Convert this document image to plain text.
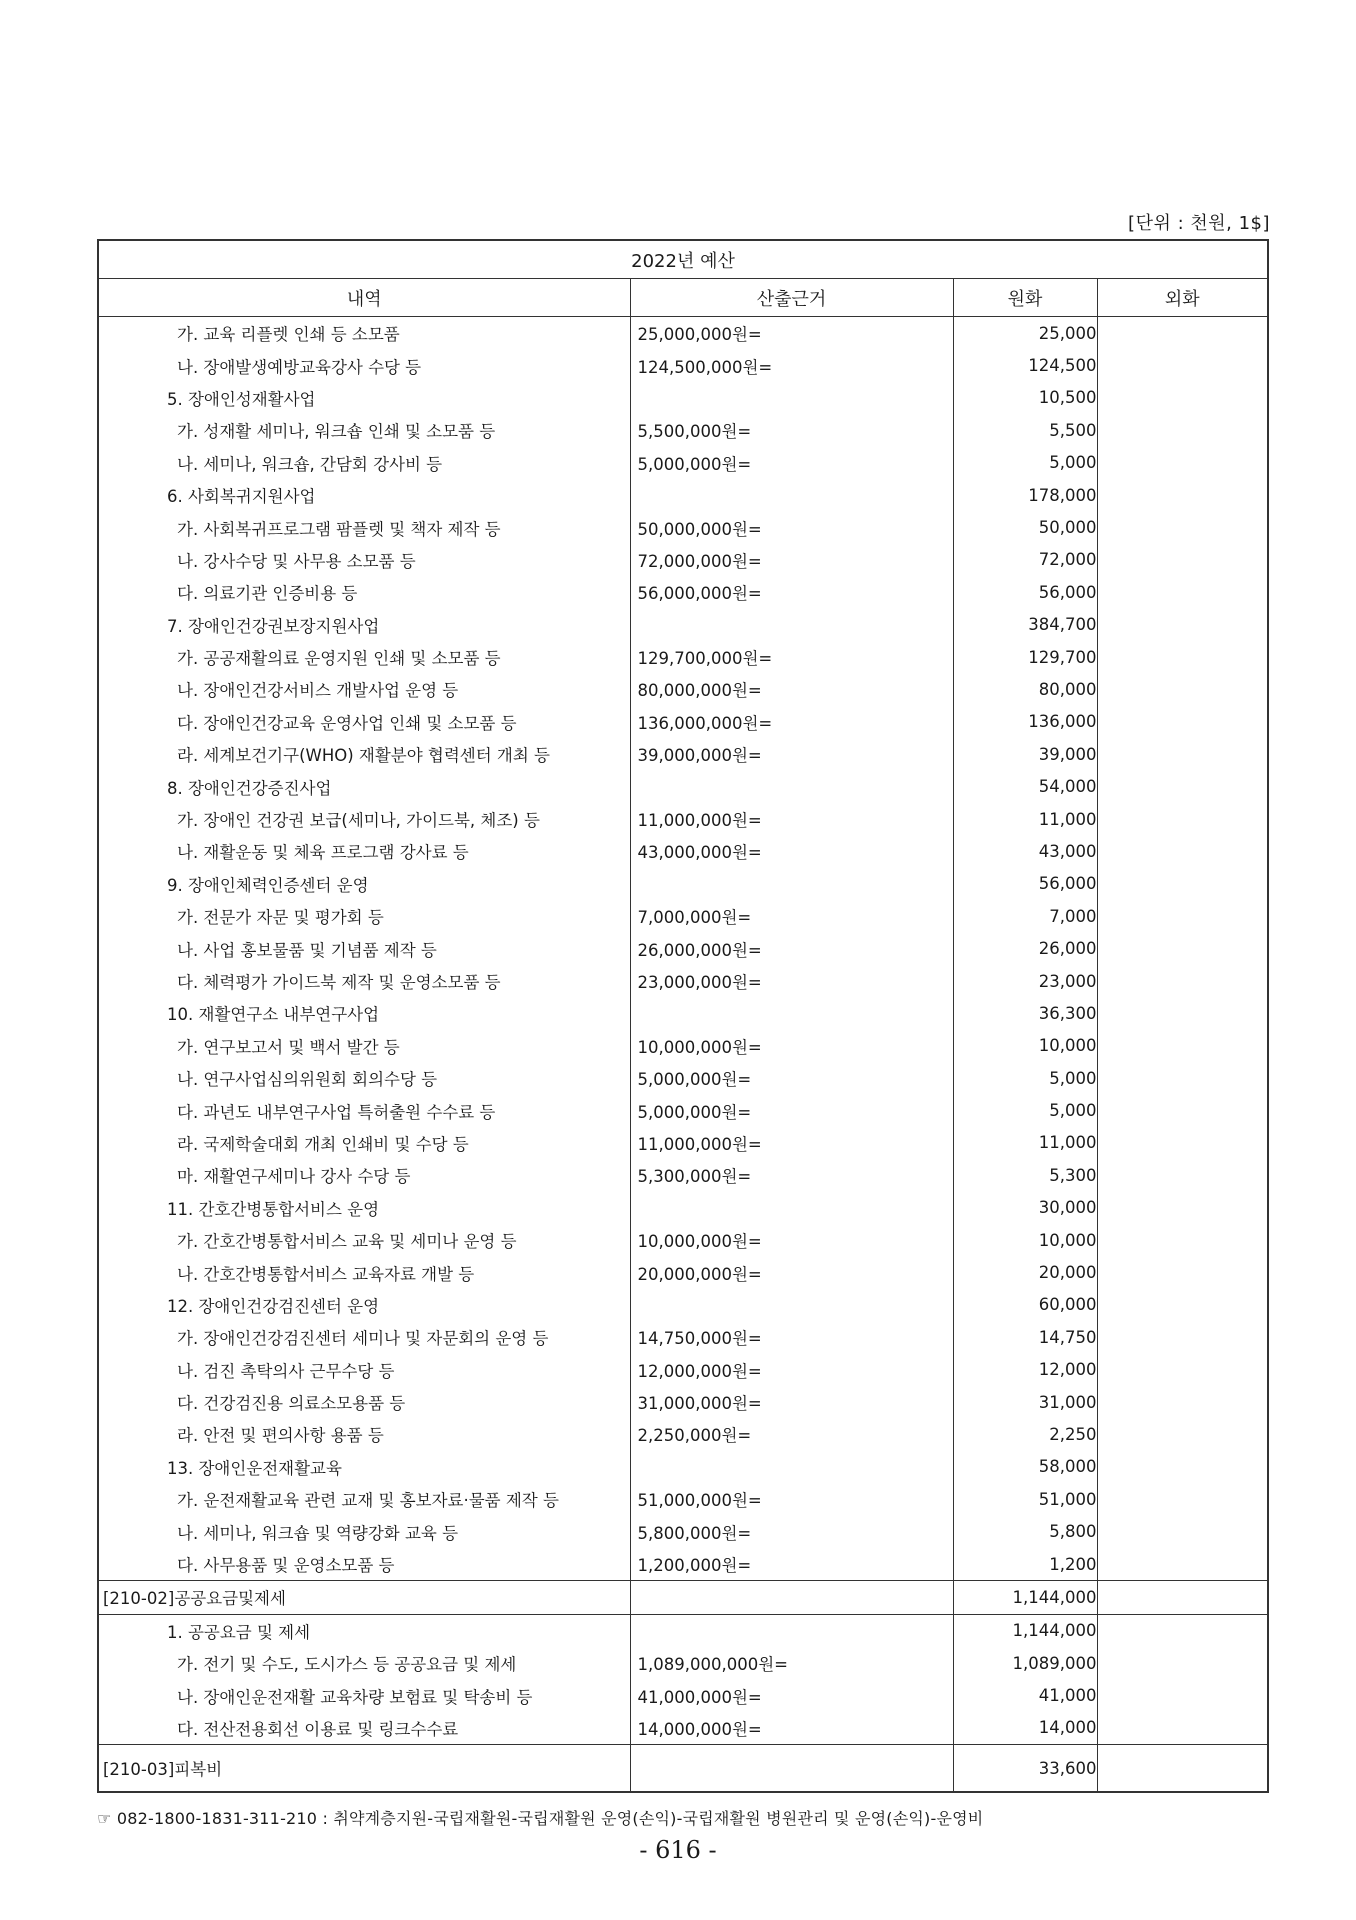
[단위 : 천원, 1$]
2022년 예산			
내역	산출근거	원화	외화
가. 교육 리플렛 인쇄 등 소모품	25,000,000원=	25,000	
나. 장애발생예방교육강사 수당 등	124,500,000원=	124,500	
5. 장애인성재활사업		10,500	
가. 성재활 세미나, 워크숍 인쇄 및 소모품 등	5,500,000원=	5,500	
나. 세미나, 워크숍, 간담회 강사비 등	5,000,000원=	5,000	
6. 사회복귀지원사업		178,000	
가. 사회복귀프로그램 팜플렛 및 책자 제작 등	50,000,000원=	50,000	
나. 강사수당 및 사무용 소모품 등	72,000,000원=	72,000	
다. 의료기관 인증비용 등	56,000,000원=	56,000	
7. 장애인건강권보장지원사업		384,700	
가. 공공재활의료 운영지원 인쇄 및 소모품 등	129,700,000원=	129,700	
나. 장애인건강서비스 개발사업 운영 등	80,000,000원=	80,000	
다. 장애인건강교육 운영사업 인쇄 및 소모품 등	136,000,000원=	136,000	
라. 세계보건기구(WHO) 재활분야 협력센터 개최 등	39,000,000원=	39,000	
8. 장애인건강증진사업		54,000	
가. 장애인 건강권 보급(세미나, 가이드북, 체조) 등	11,000,000원=	11,000	
나. 재활운동 및 체육 프로그램 강사료 등	43,000,000원=	43,000	
9. 장애인체력인증센터 운영		56,000	
가. 전문가 자문 및 평가회 등	7,000,000원=	7,000	
나. 사업 홍보물품 및 기념품 제작 등	26,000,000원=	26,000	
다. 체력평가 가이드북 제작 및 운영소모품 등	23,000,000원=	23,000	
10. 재활연구소 내부연구사업		36,300	
가. 연구보고서 및 백서 발간 등	10,000,000원=	10,000	
나. 연구사업심의위원회 회의수당 등	5,000,000원=	5,000	
다. 과년도 내부연구사업 특허출원 수수료 등	5,000,000원=	5,000	
라. 국제학술대회 개최 인쇄비 및 수당 등	11,000,000원=	11,000	
마. 재활연구세미나 강사 수당 등	5,300,000원=	5,300	
11. 간호간병통합서비스 운영		30,000	
가. 간호간병통합서비스 교육 및 세미나 운영 등	10,000,000원=	10,000	
나. 간호간병통합서비스 교육자료 개발 등	20,000,000원=	20,000	
12. 장애인건강검진센터 운영		60,000	
가. 장애인건강검진센터 세미나 및 자문회의 운영 등	14,750,000원=	14,750	
나. 검진 촉탁의사 근무수당 등	12,000,000원=	12,000	
다. 건강검진용 의료소모용품 등	31,000,000원=	31,000	
라. 안전 및 편의사항 용품 등	2,250,000원=	2,250	
13. 장애인운전재활교육		58,000	
가. 운전재활교육 관련 교재 및 홍보자료·물품 제작 등	51,000,000원=	51,000	
나. 세미나, 워크숍 및 역량강화 교육 등	5,800,000원=	5,800	
다. 사무용품 및 운영소모품 등	1,200,000원=	1,200	
[210-02]공공요금및제세		1,144,000	
1. 공공요금 및 제세		1,144,000	
가. 전기 및 수도, 도시가스 등 공공요금 및 제세	1,089,000,000원=	1,089,000	
나. 장애인운전재활 교육차량 보험료 및 탁송비 등	41,000,000원=	41,000	
다. 전산전용회선 이용료 및 링크수수료	14,000,000원=	14,000	
[210-03]피복비		33,600	
☞ 082-1800-1831-311-210 : 취약계층지원-국립재활원-국립재활원 운영(손익)-국립재활원 병원관리 및 운영(손익)-운영비
- 616 -
